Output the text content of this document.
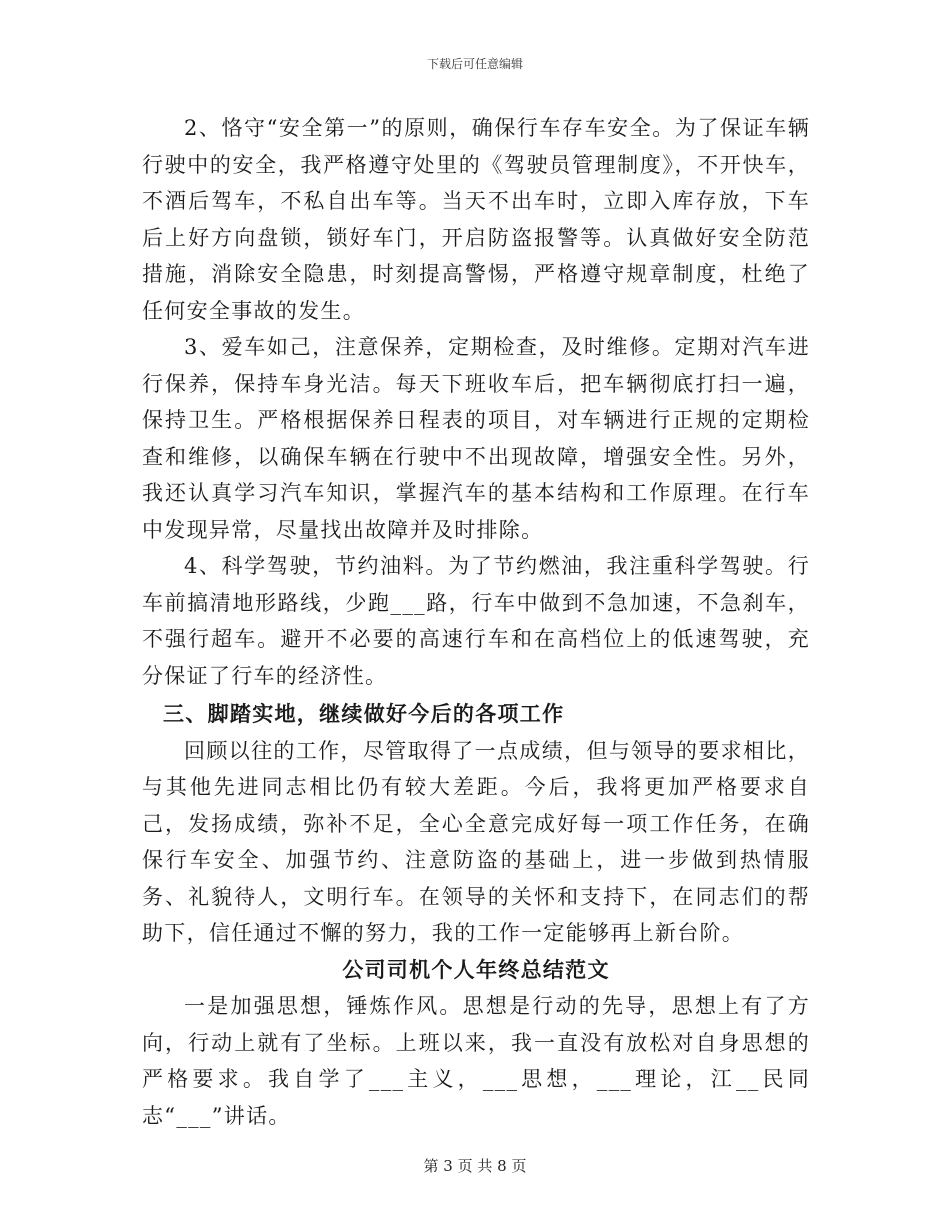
下载后可任意编辑

2、恪守“安全第一”的原则，确保行车存车安全。为了保证车辆行驶中的安全，我严格遵守处里的《驾驶员管理制度》，不开快车，不酒后驾车，不私自出车等。当天不出车时，立即入库存放，下车后上好方向盘锁，锁好车门，开启防盗报警等。认真做好安全防范措施，消除安全隐患，时刻提高警惕，严格遵守规章制度，杜绝了任何安全事故的发生。

3、爱车如己，注意保养，定期检查，及时维修。定期对汽车进行保养，保持车身光洁。每天下班收车后，把车辆彻底打扫一遍，保持卫生。严格根据保养日程表的项目，对车辆进行正规的定期检查和维修，以确保车辆在行驶中不出现故障，增强安全性。另外，我还认真学习汽车知识，掌握汽车的基本结构和工作原理。在行车中发现异常，尽量找出故障并及时排除。

4、科学驾驶，节约油料。为了节约燃油，我注重科学驾驶。行车前搞清地形路线，少跑___路，行车中做到不急加速，不急刹车，不强行超车。避开不必要的高速行车和在高档位上的低速驾驶，充分保证了行车的经济性。

三、脚踏实地，继续做好今后的各项工作

回顾以往的工作，尽管取得了一点成绩，但与领导的要求相比，与其他先进同志相比仍有较大差距。今后，我将更加严格要求自己，发扬成绩，弥补不足，全心全意完成好每一项工作任务，在确保行车安全、加强节约、注意防盗的基础上，进一步做到热情服务、礼貌待人，文明行车。在领导的关怀和支持下，在同志们的帮助下，信任通过不懈的努力，我的工作一定能够再上新台阶。

公司司机个人年终总结范文

一是加强思想，锤炼作风。思想是行动的先导，思想上有了方向，行动上就有了坐标。上班以来，我一直没有放松对自身思想的严格要求。我自学了___主义，___思想，___理论，江__民同志“___”讲话。

第 3 页 共 8 页
